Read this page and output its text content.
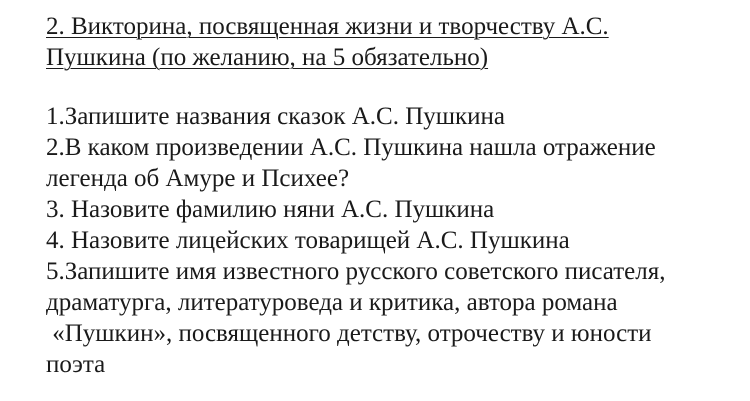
2. Викторина, посвященная жизни и творчеству А.С.
Пушкина (по желанию, на 5 обязательно)
1.Запишите названия сказок А.С. Пушкина
2.В каком произведении А.С. Пушкина нашла отражение
легенда об Амуре и Психее?
3. Назовите фамилию няни А.С. Пушкина
4. Назовите лицейских товарищей А.С. Пушкина
5.Запишите имя известного русского советского писателя,
драматурга, литературоведа и критика, автора романа
«Пушкин», посвященного детству, отрочеству и юности
поэта
